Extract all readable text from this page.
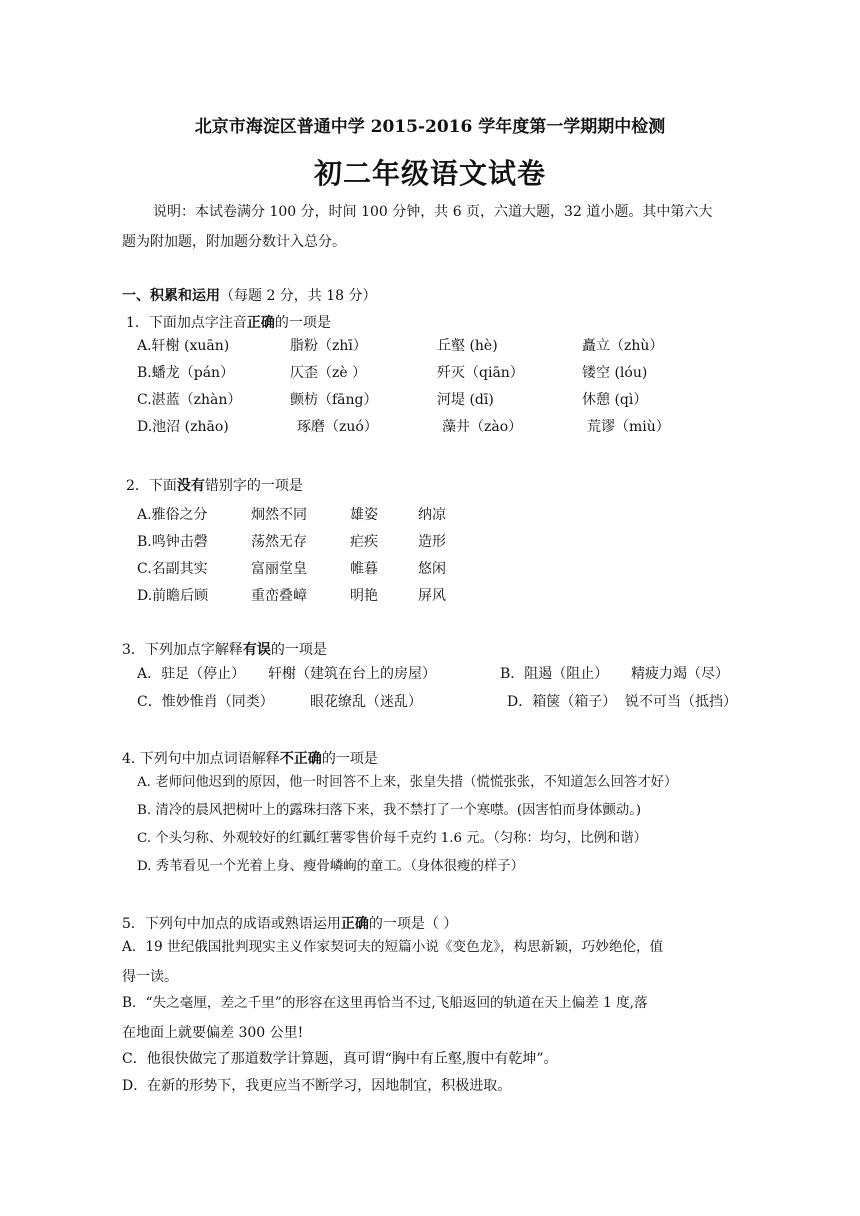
北京市海淀区普通中学 2015-2016 学年度第一学期期中检测
初二年级语文试卷
说明：本试卷满分 100 分，时间 100 分钟，共 6 页，六道大题，32 道小题。其中第六大
题为附加题，附加题分数计入总分。
一、积累和运用（每题 2 分，共 18 分）
1．下面加点字注音正确的一项是
A.轩榭 (xuān)	脂粉（zhī）	丘壑 (hè)	矗立（zhù）
B.蟠龙（pán）	仄歪（zè ）	歼灭（qiān）	镂空 (lóu)
C.湛蓝（zhàn）	颤枋（fāng）	河堤 (dī)	休憩 (qì）
D.池沼 (zhāo)	琢磨（zuó）	藻井（zào）	荒谬（miù）
2．下面没有错别字的一项是
A.雅俗之分	炯然不同	雄姿	纳凉
B.鸣钟击磬	荡然无存	疟疾	造形
C.名副其实	富丽堂皇	帷暮	悠闲
D.前瞻后顾	重峦叠嶂	明艳	屏风
3．下列加点字解释有误的一项是
A．驻足（停止） 轩榭（建筑在台上的房屋）	B．阻遏（阻止） 精疲力竭（尽）
C．惟妙惟肖（同类）	眼花缭乱（迷乱）	D．箱箧（箱子） 锐不可当（抵挡）
4. 下列句中加点词语解释不正确的一项是
A. 老师问他迟到的原因，他一时回答不上来，张皇失措（慌慌张张，不知道怎么回答才好）
B. 清冷的晨风把树叶上的露珠扫落下来，我不禁打了一个寒噤。(因害怕而身体颤动。)
C. 个头匀称、外观较好的红瓤红薯零售价每千克约 1.6 元。（匀称：均匀，比例和谐）
D. 秀苇看见一个光着上身、瘦骨嶙峋的童工。（身体很瘦的样子）
5．下列句中加点的成语或熟语运用正确的一项是（ ）
A．19 世纪俄国批判现实主义作家契诃夫的短篇小说《变色龙》，构思新颖，巧妙绝伦，值
得一读。
B．“失之毫厘，差之千里”的形容在这里再恰当不过,飞船返回的轨道在天上偏差 1 度,落
在地面上就要偏差 300 公里!
C．他很快做完了那道数学计算题，真可谓“胸中有丘壑,腹中有乾坤”。
D．在新的形势下，我更应当不断学习，因地制宜，积极进取。
